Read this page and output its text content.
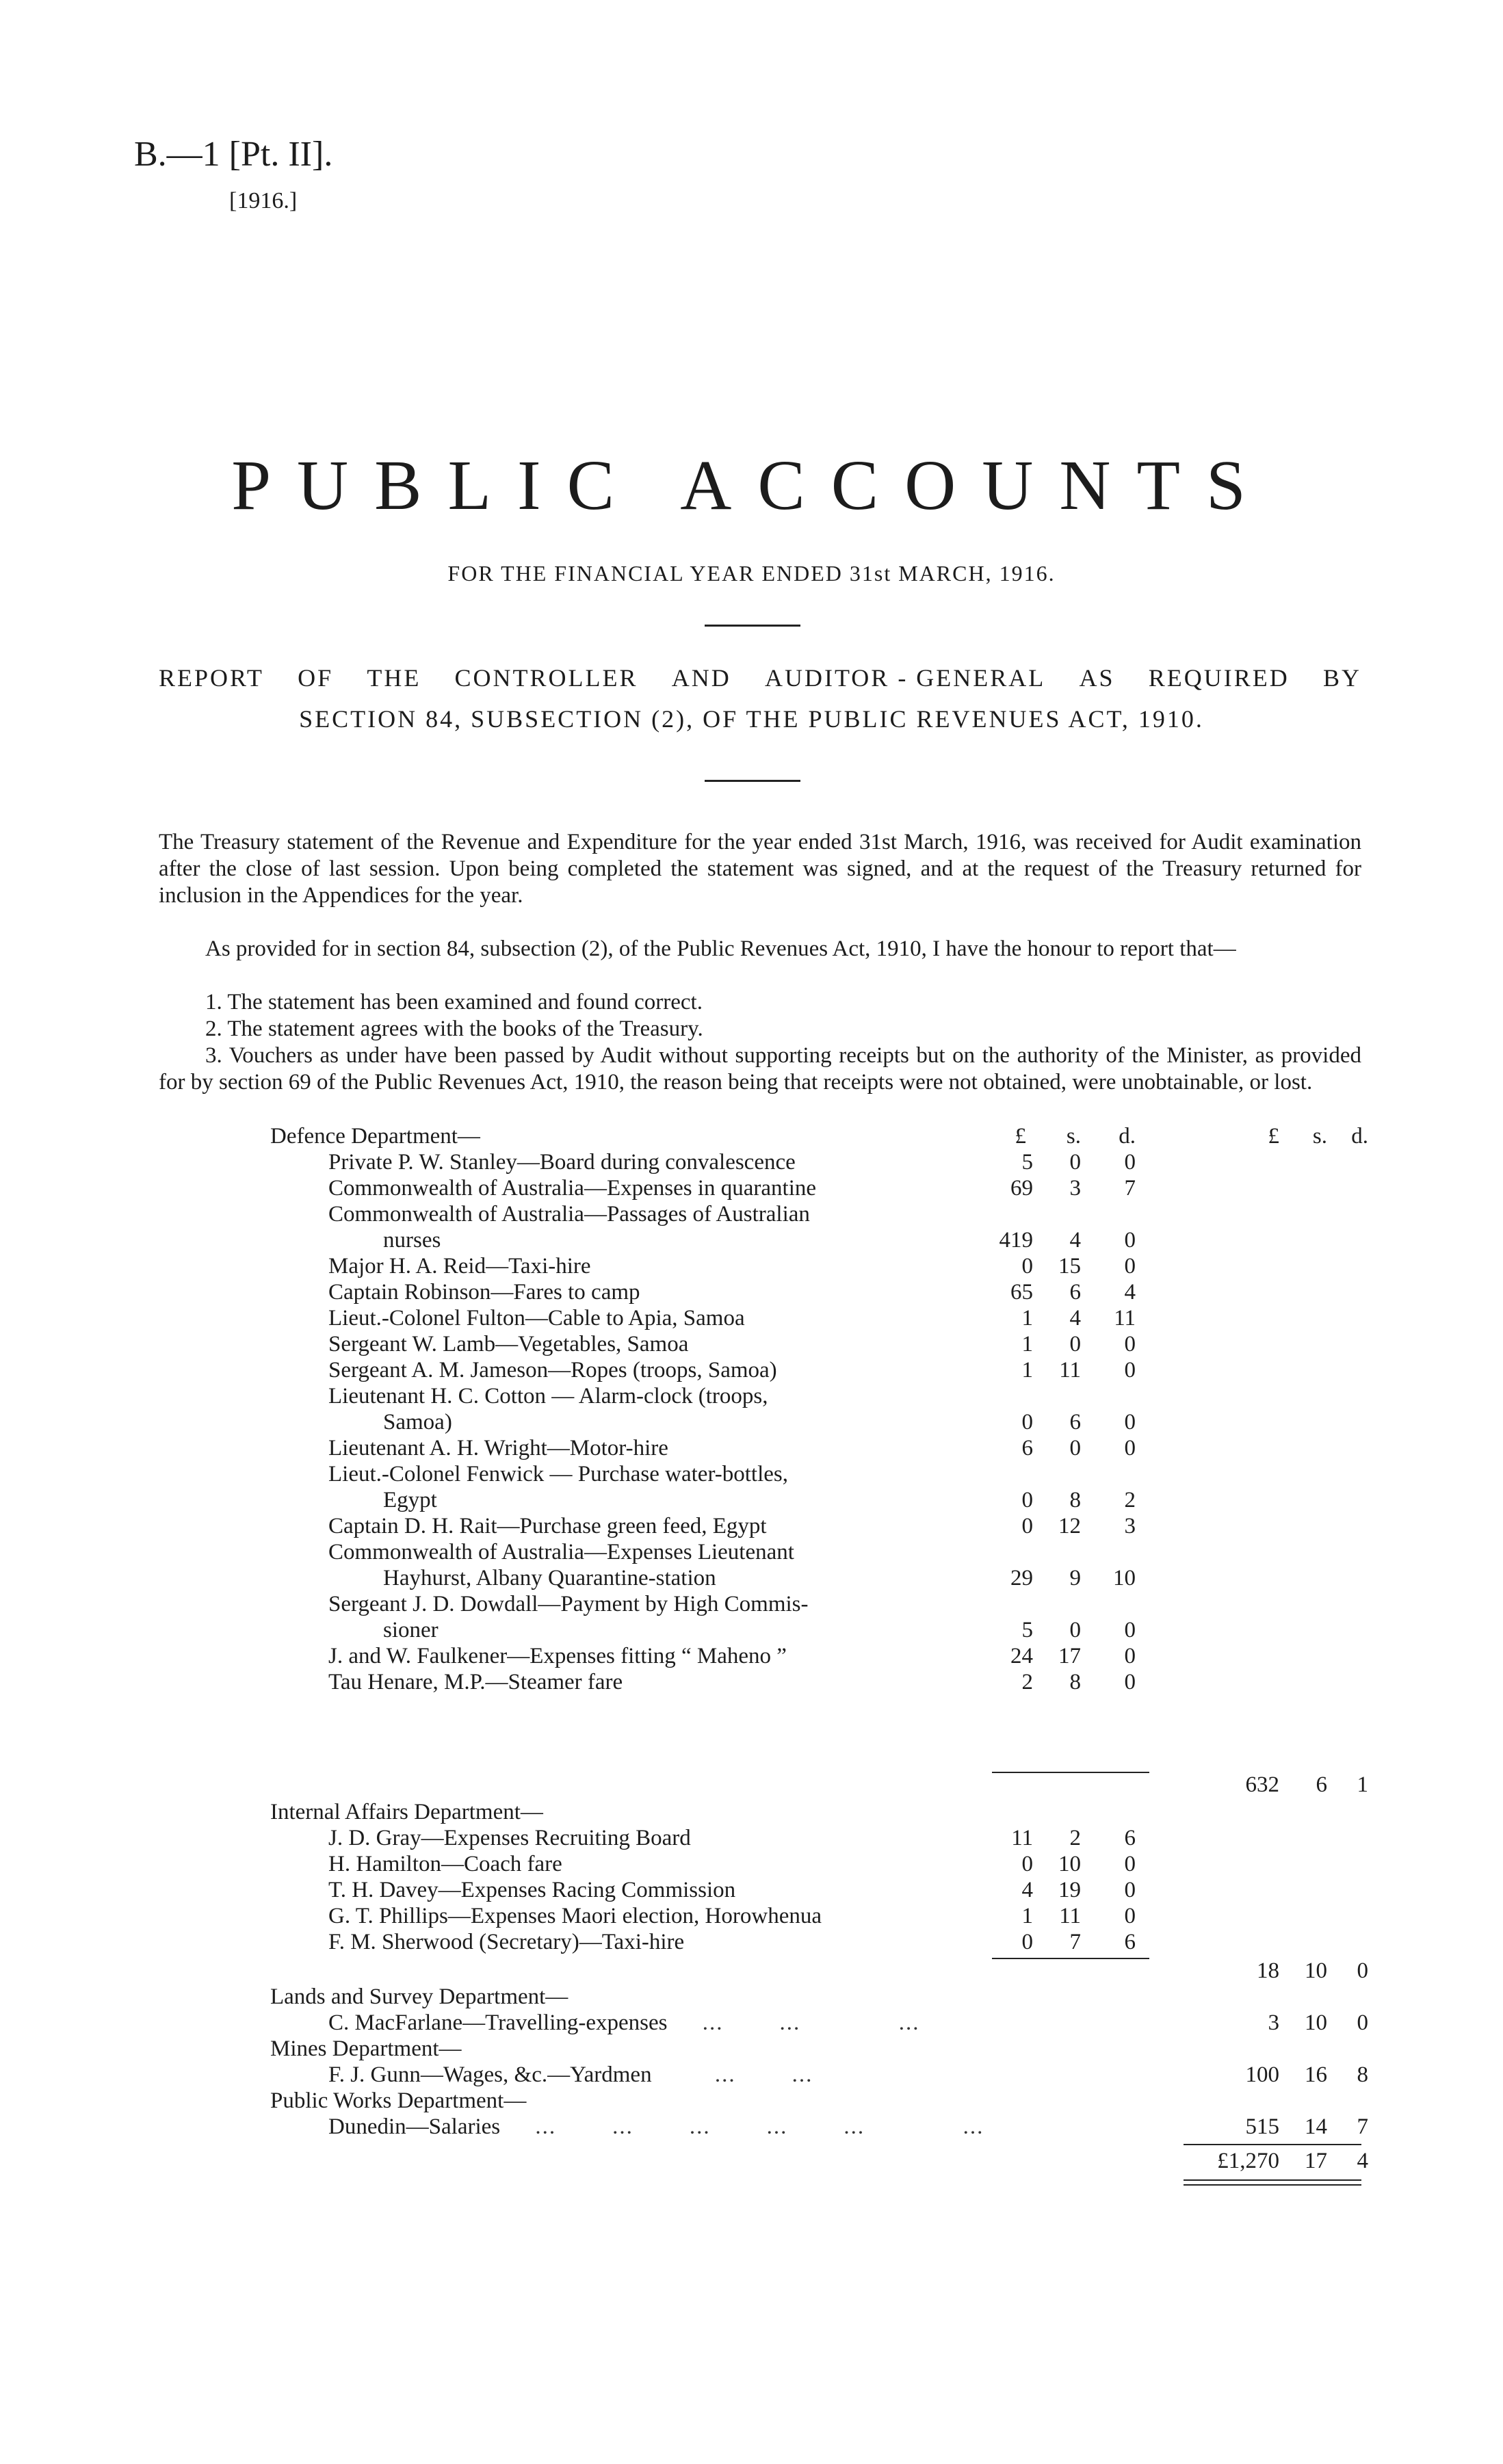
B.—1 [Pt. II].
[1916.]
PUBLIC ACCOUNTS
FOR THE FINANCIAL YEAR ENDED 31st MARCH, 1916.
REPORT OF THE CONTROLLER AND AUDITOR - GENERAL AS REQUIRED BY
SECTION 84, SUBSECTION (2), OF THE PUBLIC REVENUES ACT, 1910.
The Treasury statement of the Revenue and Expenditure for the year ended 31st March, 1916, was received for Audit examination after the close of last session. Upon being completed the statement was signed, and at the request of the Treasury returned for inclusion in the Appendices for the year.
As provided for in section 84, subsection (2), of the Public Revenues Act, 1910, I have the honour to report that—
1. The statement has been examined and found correct.
2. The statement agrees with the books of the Treasury.
3. Vouchers as under have been passed by Audit without supporting receipts but on the authority of the Minister, as provided for by section 69 of the Public Revenues Act, 1910, the reason being that receipts were not obtained, were unobtainable, or lost.
£	s.	d.	£	s.	d.
Defence Department—
Private P. W. Stanley—Board during convalescence	5	0	0
Commonwealth of Australia—Expenses in quarantine	69	3	7
Commonwealth of Australia—Passages of Australian
nurses	419	4	0
Major H. A. Reid—Taxi-hire	0	15	0
Captain Robinson—Fares to camp	65	6	4
Lieut.-Colonel Fulton—Cable to Apia, Samoa	1	4	11
Sergeant W. Lamb—Vegetables, Samoa	1	0	0
Sergeant A. M. Jameson—Ropes (troops, Samoa)	1	11	0
Lieutenant H. C. Cotton — Alarm-clock (troops,
Samoa)	0	6	0
Lieutenant A. H. Wright—Motor-hire	6	0	0
Lieut.-Colonel Fenwick — Purchase water-bottles,
Egypt	0	8	2
Captain D. H. Rait—Purchase green feed, Egypt	0	12	3
Commonwealth of Australia—Expenses Lieutenant
Hayhurst, Albany Quarantine-station	29	9	10
Sergeant J. D. Dowdall—Payment by High Commis-
sioner	5	0	0
J. and W. Faulkener—Expenses fitting “ Maheno ”	24	17	0
Tau Henare, M.P.—Steamer fare	2	8	0
632	6	1
Internal Affairs Department—
J. D. Gray—Expenses Recruiting Board	11	2	6
H. Hamilton—Coach fare	0	10	0
T. H. Davey—Expenses Racing Commission	4	19	0
G. T. Phillips—Expenses Maori election, Horowhenua	1	11	0
F. M. Sherwood (Secretary)—Taxi-hire	0	7	6
18	10	0
Lands and Survey Department—
C. MacFarlane—Travelling-expenses     ...        ...              ...	3	10	0
Mines Department—
F. J. Gunn—Wages, &c.—Yardmen         ...        ...	100	16	8
Public Works Department—
Dunedin—Salaries     ...        ...        ...        ...        ...              ...	515	14	7
£1,270	17	4
